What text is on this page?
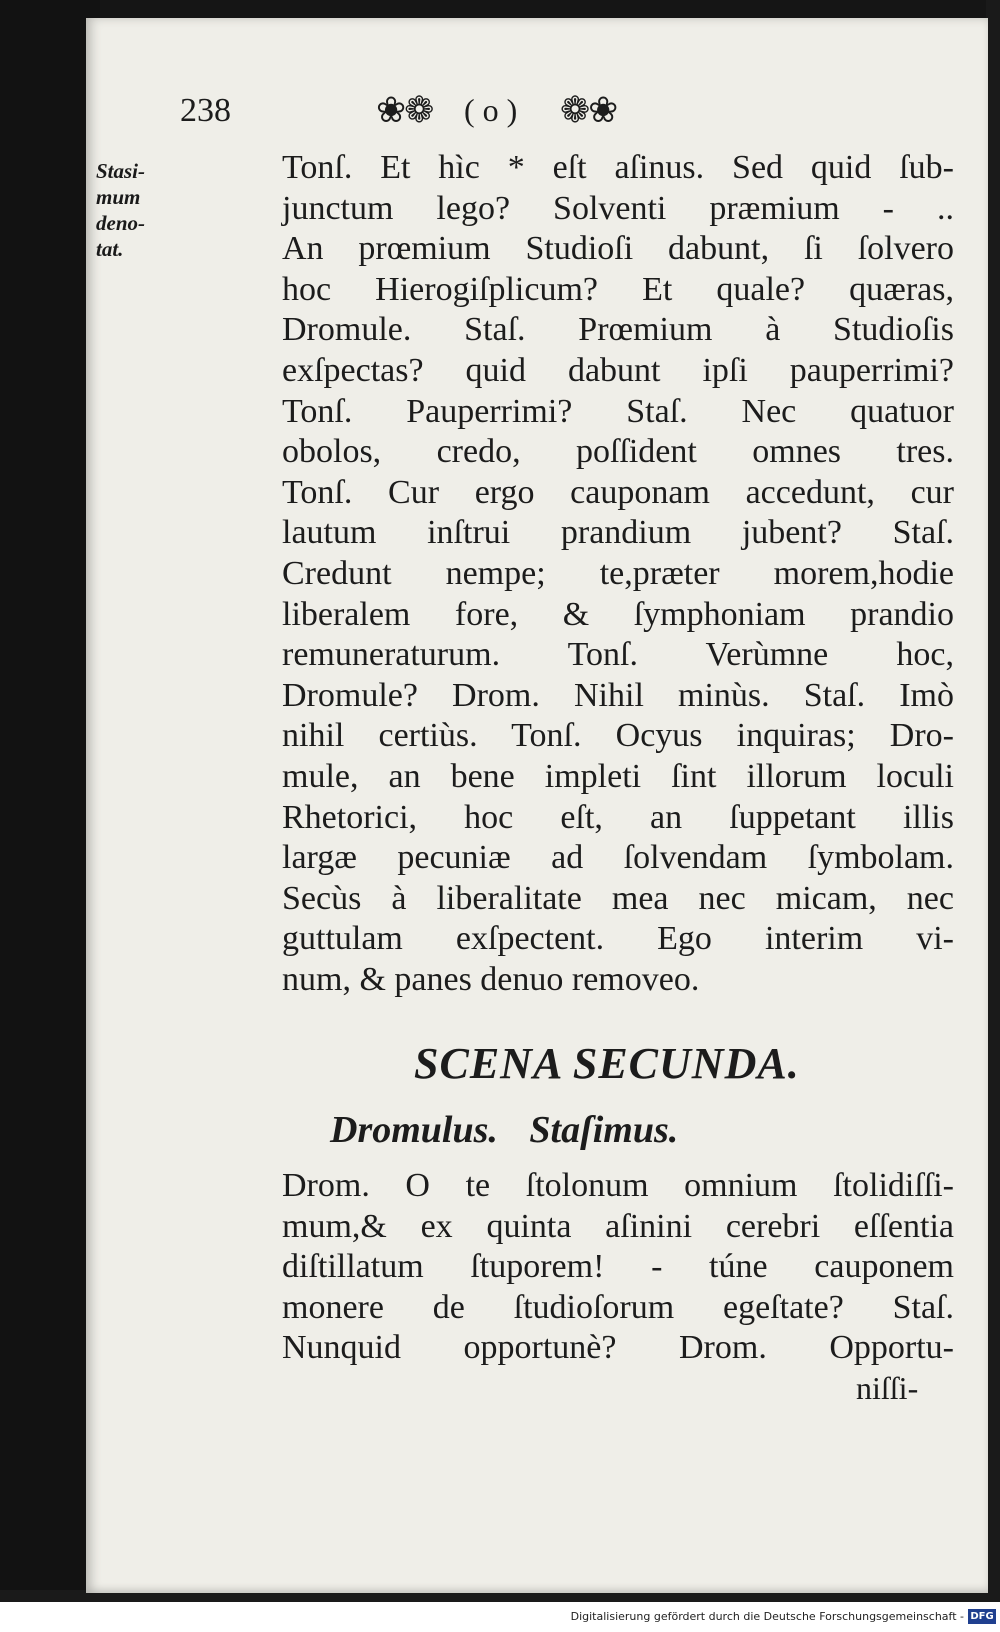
238	❀❁ ( o ) ❁❀
Stasi-
mum
deno-
tat.
Tonſ. Et hìc * eſt aſinus. Sed quid ſub-
junctum lego? Solventi præmium - ..
An prœmium Studioſi dabunt, ſi ſolvero
hoc Hierogiſplicum? Et quale? quæras,
Dromule. Staſ. Prœmium à Studioſis
exſpectas? quid dabunt ipſi pauperrimi?
Tonſ. Pauperrimi? Staſ. Nec quatuor
obolos, credo, poſſident omnes tres.
Tonſ. Cur ergo cauponam accedunt, cur
lautum inſtrui prandium jubent? Staſ.
Credunt nempe; te,præter morem,hodie
liberalem fore, & ſymphoniam prandio
remuneraturum. Tonſ. Verùmne hoc,
Dromule? Drom. Nihil minùs. Staſ. Imò
nihil certiùs. Tonſ. Ocyus inquiras; Dro-
mule, an bene impleti ſint illorum loculi
Rhetorici, hoc eſt, an ſuppetant illis
largæ pecuniæ ad ſolvendam ſymbolam.
Secùs à liberalitate mea nec micam, nec
guttulam exſpectent. Ego interim vi-
num, & panes denuo removeo.
SCENA SECUNDA.
Dromulus. Staſimus.
Drom. O te ſtolonum omnium ſtolidiſſi-
mum,& ex quinta aſinini cerebri eſſentia
diſtillatum ſtuporem! - túne cauponem
monere de ſtudioſorum egeſtate? Staſ.
Nunquid opportunè? Drom. Opportu-
niſſi-
Digitalisierung gefördert durch die Deutsche Forschungsgemeinschaft - DFG
